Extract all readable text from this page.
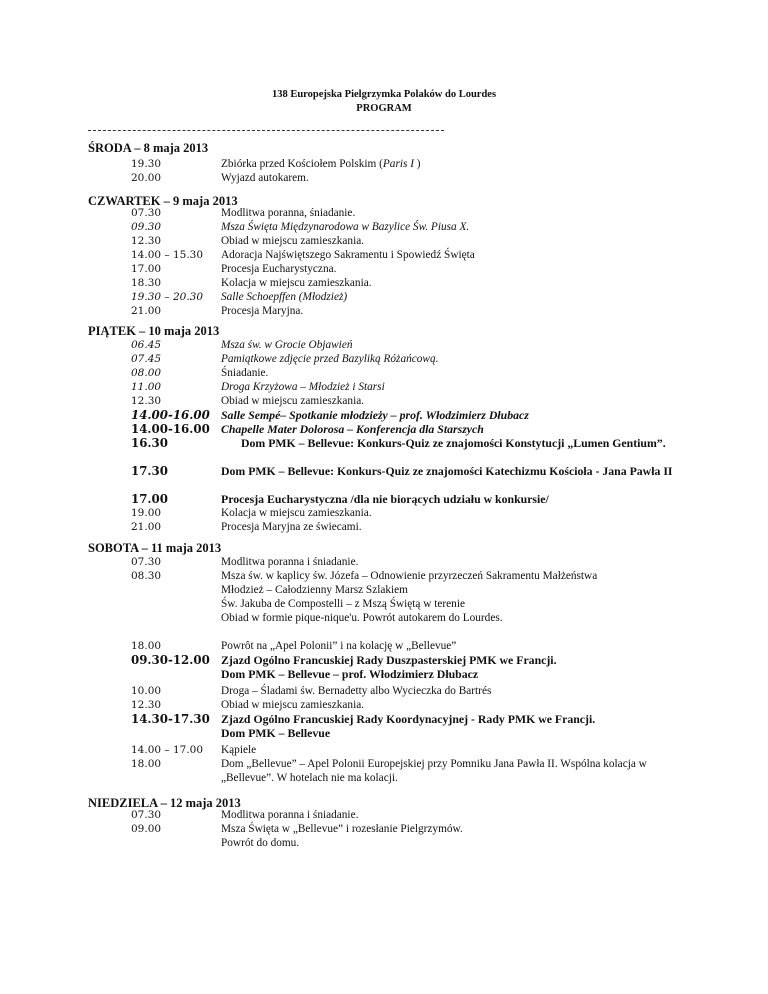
138 Europejska Pielgrzymka Polaków do Lourdes
PROGRAM
ŚRODA – 8 maja 2013
19.30	Zbiórka przed Kościołem Polskim (Paris I )
20.00	Wyjazd autokarem.
CZWARTEK – 9 maja 2013
07.30	Modlitwa poranna, śniadanie.
09.30	Msza Święta Międzynarodowa w Bazylice Św. Piusa X.
12.30	Obiad w miejscu zamieszkania.
14.00 – 15.30 Adoracja Najświętszego Sakramentu i Spowiedź Święta
17.00	Procesja Eucharystyczna.
18.30	Kolacja w miejscu zamieszkania.
19.30 – 20.30 Salle Schoepffen (Młodzież)
21.00	Procesja Maryjna.
PIĄTEK – 10 maja 2013
06.45	Msza św. w Grocie Objawień
07.45	Pamiątkowe zdjęcie przed Bazyliką Różańcową.
08.00	Śniadanie.
11.00	Droga Krzyżowa – Młodzież i Starsi
12.30	Obiad w miejscu zamieszkania.
14.00-16.00 Salle Sempé– Spotkanie młodzieży – prof. Włodzimierz Dłubacz
14.00-16.00 Chapelle Mater Dolorosa – Konferencja dla Starszych
16.30	Dom PMK – Bellevue: Konkurs-Quiz ze znajomości Konstytucji „Lumen Gentium”.
17.30	Dom PMK – Bellevue: Konkurs-Quiz ze znajomości Katechizmu Kościoła - Jana Pawła II
17.00	Procesja Eucharystyczna /dla nie biorących udziału w konkursie/
19.00	Kolacja w miejscu zamieszkania.
21.00	Procesja Maryjna ze świecami.
SOBOTA – 11 maja 2013
07.30	Modlitwa poranna i śniadanie.
08.30	Msza św. w kaplicy św. Józefa – Odnowienie przyrzeczeń Sakramentu Małżeństwa
Młodzież – Całodzienny Marsz Szlakiem
Św. Jakuba de Compostelli – z Mszą Świętą w terenie
Obiad w formie pique-nique'u. Powrót autokarem do Lourdes.
18.00	Powrôt na „Apel Polonii” i na kolację w „Bellevue”
09.30-12.00 Zjazd Ogólno Francuskiej Rady Duszpasterskiej PMK we Francji.
Dom PMK – Bellevue – prof. Włodzimierz Dłubacz
10.00	Droga – Śladami św. Bernadetty albo Wycieczka do Bartrés
12.30	Obiad w miejscu zamieszkania.
14.30-17.30 Zjazd Ogólno Francuskiej Rady Koordynacyjnej - Rady PMK we Francji.
Dom PMK – Bellevue
14.00 – 17.00 Kąpiele
18.00	Dom „Bellevue” – Apel Polonii Europejskiej przy Pomniku Jana Pawła II. Wspólna kolacja w „Bellevue”. W hotelach nie ma kolacji.
NIEDZIELA – 12 maja 2013
07.30	Modlitwa poranna i śniadanie.
09.00	Msza Święta w „Bellevue” i rozesłanie Pielgrzymów.
Powrót do domu.
